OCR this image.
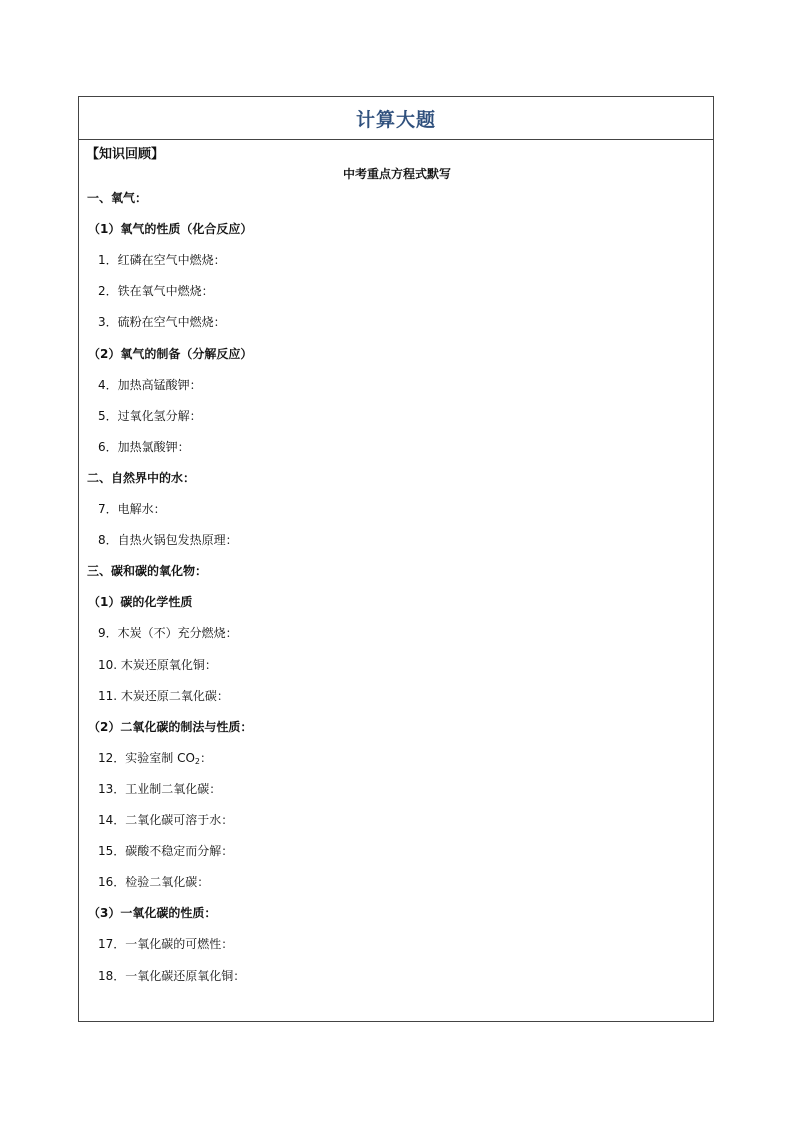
计算大题
【知识回顾】
中考重点方程式默写
一、氧气：
（1）氧气的性质（化合反应）
1．红磷在空气中燃烧：
2．铁在氧气中燃烧：
3．硫粉在空气中燃烧：
（2）氧气的制备（分解反应）
4．加热高锰酸钾：
5．过氧化氢分解：
6．加热氯酸钾：
二、自然界中的水：
7．电解水：
8．自热火锅包发热原理：
三、碳和碳的氧化物：
（1）碳的化学性质
9．木炭（不）充分燃烧：
10. 木炭还原氧化铜：
11. 木炭还原二氧化碳：
（2）二氧化碳的制法与性质：
12．实验室制 $CO_2$：
13．工业制二氧化碳：
14．二氧化碳可溶于水：
15．碳酸不稳定而分解：
16．检验二氧化碳：
（3）一氧化碳的性质：
17．一氧化碳的可燃性：
18．一氧化碳还原氧化铜：
